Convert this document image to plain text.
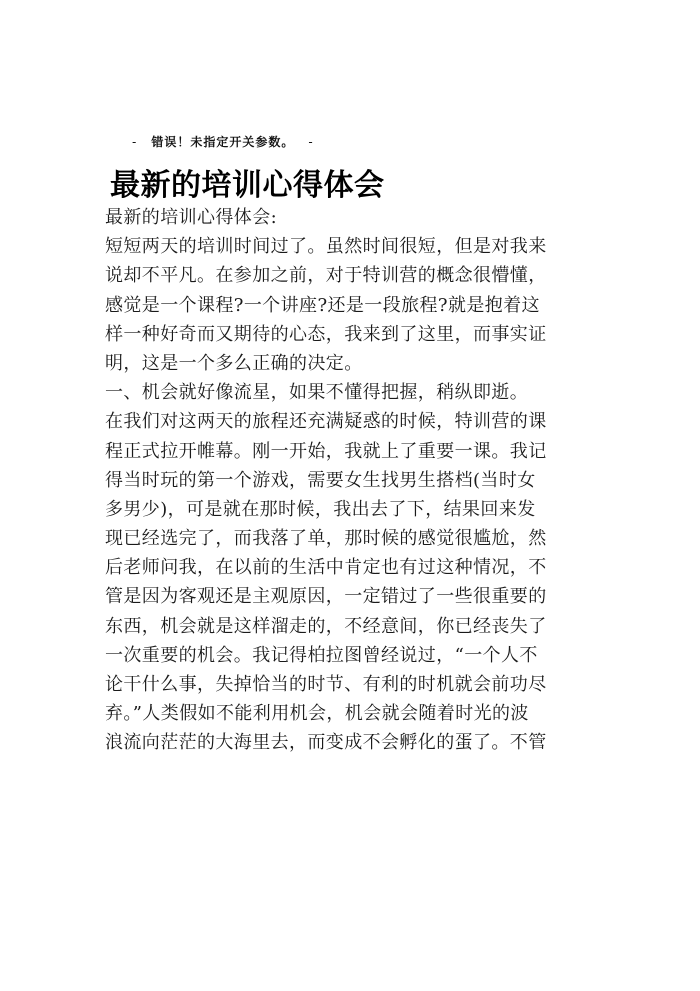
- 错误！未指定开关参数。 -
最新的培训心得体会
最新的培训心得体会:
短短两天的培训时间过了。虽然时间很短，但是对我来
说却不平凡。在参加之前，对于特训营的概念很懵懂，
感觉是一个课程?一个讲座?还是一段旅程?就是抱着这
样一种好奇而又期待的心态，我来到了这里，而事实证
明，这是一个多么正确的决定。
一、机会就好像流星，如果不懂得把握，稍纵即逝。
在我们对这两天的旅程还充满疑惑的时候，特训营的课
程正式拉开帷幕。刚一开始，我就上了重要一课。我记
得当时玩的第一个游戏，需要女生找男生搭档(当时女
多男少)，可是就在那时候，我出去了下，结果回来发
现已经选完了，而我落了单，那时候的感觉很尴尬，然
后老师问我，在以前的生活中肯定也有过这种情况，不
管是因为客观还是主观原因，一定错过了一些很重要的
东西，机会就是这样溜走的，不经意间，你已经丧失了
一次重要的机会。我记得柏拉图曾经说过，“一个人不
论干什么事，失掉恰当的时节、有利的时机就会前功尽
弃。”人类假如不能利用机会，机会就会随着时光的波
浪流向茫茫的大海里去，而变成不会孵化的蛋了。不管
